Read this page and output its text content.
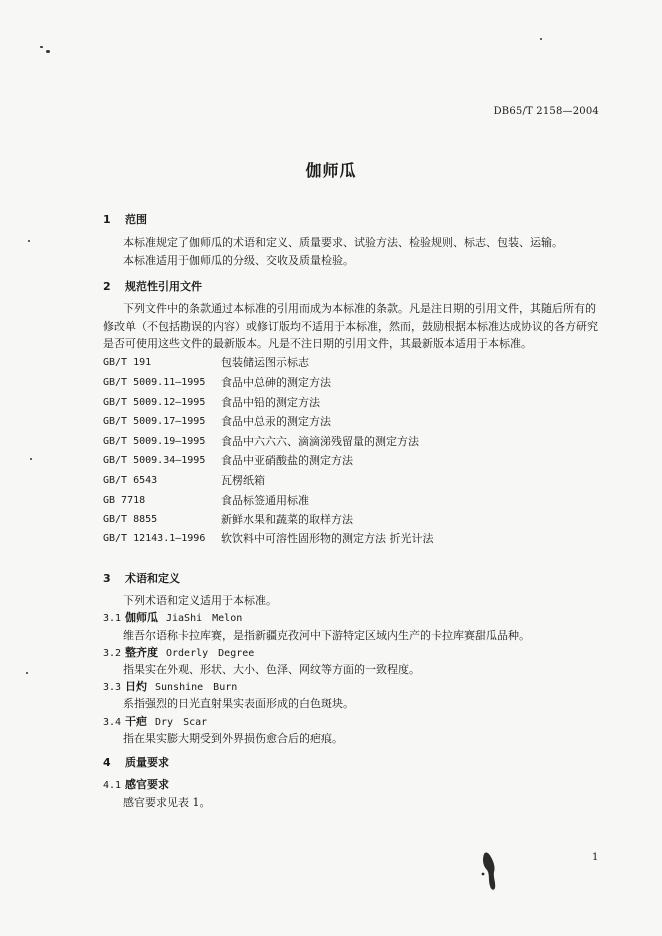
DB65/T 2158—2004
伽师瓜
1 范围
本标准规定了伽师瓜的术语和定义、质量要求、试验方法、检验规则、标志、包装、运输。
本标准适用于伽师瓜的分级、交收及质量检验。
2 规范性引用文件
下列文件中的条款通过本标准的引用而成为本标准的条款。凡是注日期的引用文件，其随后所有的
修改单（不包括勘误的内容）或修订版均不适用于本标准，然而，鼓励根据本标准达成协议的各方研究
是否可使用这些文件的最新版本。凡是不注日期的引用文件，其最新版本适用于本标准。
GB/T 191	包装储运图示标志
GB/T 5009.11—1995 食品中总砷的测定方法
GB/T 5009.12—1995 食品中铅的测定方法
GB/T 5009.17—1995 食品中总汞的测定方法
GB/T 5009.19—1995 食品中六六六、滴滴涕残留量的测定方法
GB/T 5009.34—1995 食品中亚硝酸盐的测定方法
GB/T 6543	瓦楞纸箱
GB 7718	食品标签通用标准
GB/T 8855	新鲜水果和蔬菜的取样方法
GB/T 12143.1—1996 软饮料中可溶性固形物的测定方法 折光计法
3 术语和定义
下列术语和定义适用于本标准。
3.1 伽师瓜 JiaShi Melon
维吾尔语称卡拉库赛，是指新疆克孜河中下游特定区域内生产的卡拉库赛甜瓜品种。
3.2 整齐度 Orderly Degree
指果实在外观、形状、大小、色泽、网纹等方面的一致程度。
3.3 日灼 Sunshine Burn
系指强烈的日光直射果实表面形成的白色斑块。
3.4 干疤 Dry Scar
指在果实膨大期受到外界损伤愈合后的疤痕。
4 质量要求
4.1 感官要求
感官要求见表 1。
1
